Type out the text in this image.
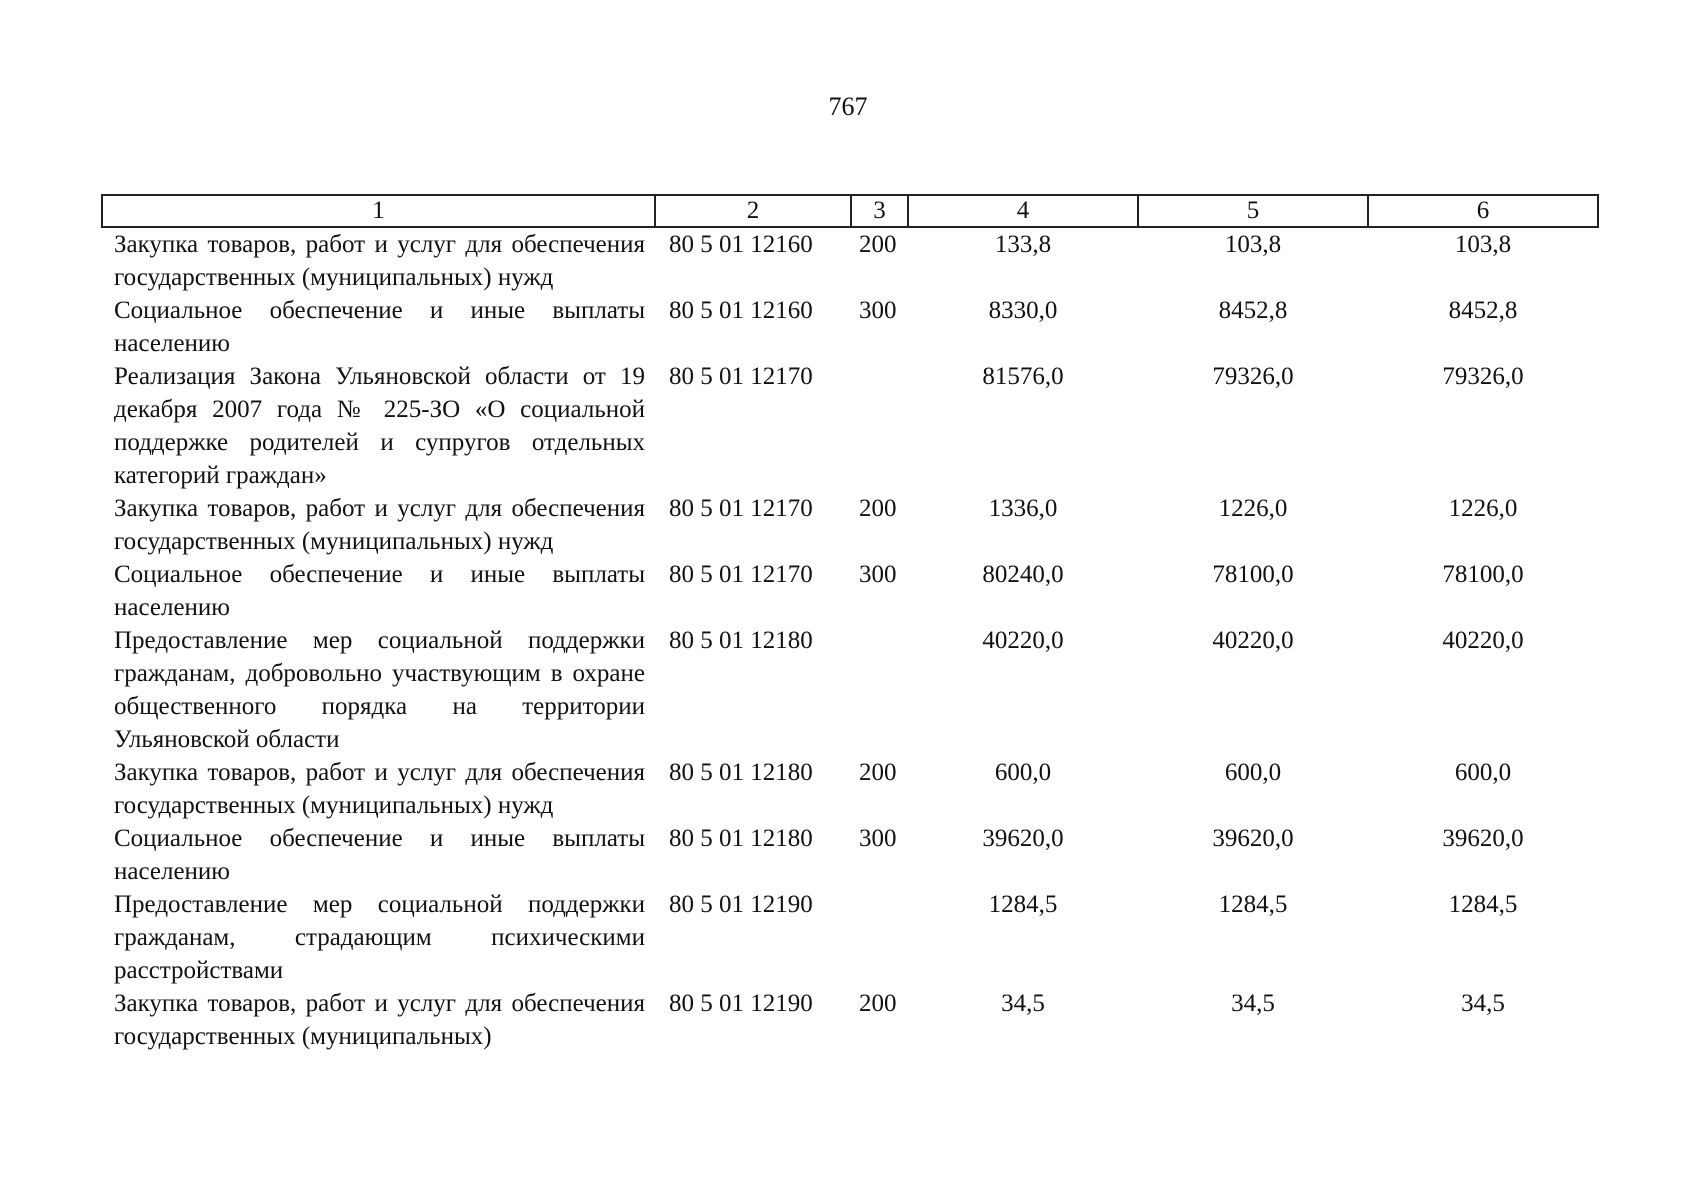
767
1	2	3	4	5	6
Закупка товаров, работ и услуг для обеспечения государственных (муниципальных) нужд	80 5 01 12160	200	133,8	103,8	103,8
Социальное обеспечение и иные выплаты населению	80 5 01 12160	300	8330,0	8452,8	8452,8
Реализация Закона Ульяновской области от 19 декабря 2007 года № 225-ЗО «О социальной поддержке родителей и супругов отдельных категорий граждан»	80 5 01 12170		81576,0	79326,0	79326,0
Закупка товаров, работ и услуг для обеспечения государственных (муниципальных) нужд	80 5 01 12170	200	1336,0	1226,0	1226,0
Социальное обеспечение и иные выплаты населению	80 5 01 12170	300	80240,0	78100,0	78100,0
Предоставление мер социальной поддержки гражданам, добровольно участвующим в охране общественного порядка на территории Ульяновской области	80 5 01 12180		40220,0	40220,0	40220,0
Закупка товаров, работ и услуг для обеспечения государственных (муниципальных) нужд	80 5 01 12180	200	600,0	600,0	600,0
Социальное обеспечение и иные выплаты населению	80 5 01 12180	300	39620,0	39620,0	39620,0
Предоставление мер социальной поддержки гражданам, страдающим психическими расстройствами	80 5 01 12190		1284,5	1284,5	1284,5
Закупка товаров, работ и услуг для обеспечения государственных (муниципальных)	80 5 01 12190	200	34,5	34,5	34,5
